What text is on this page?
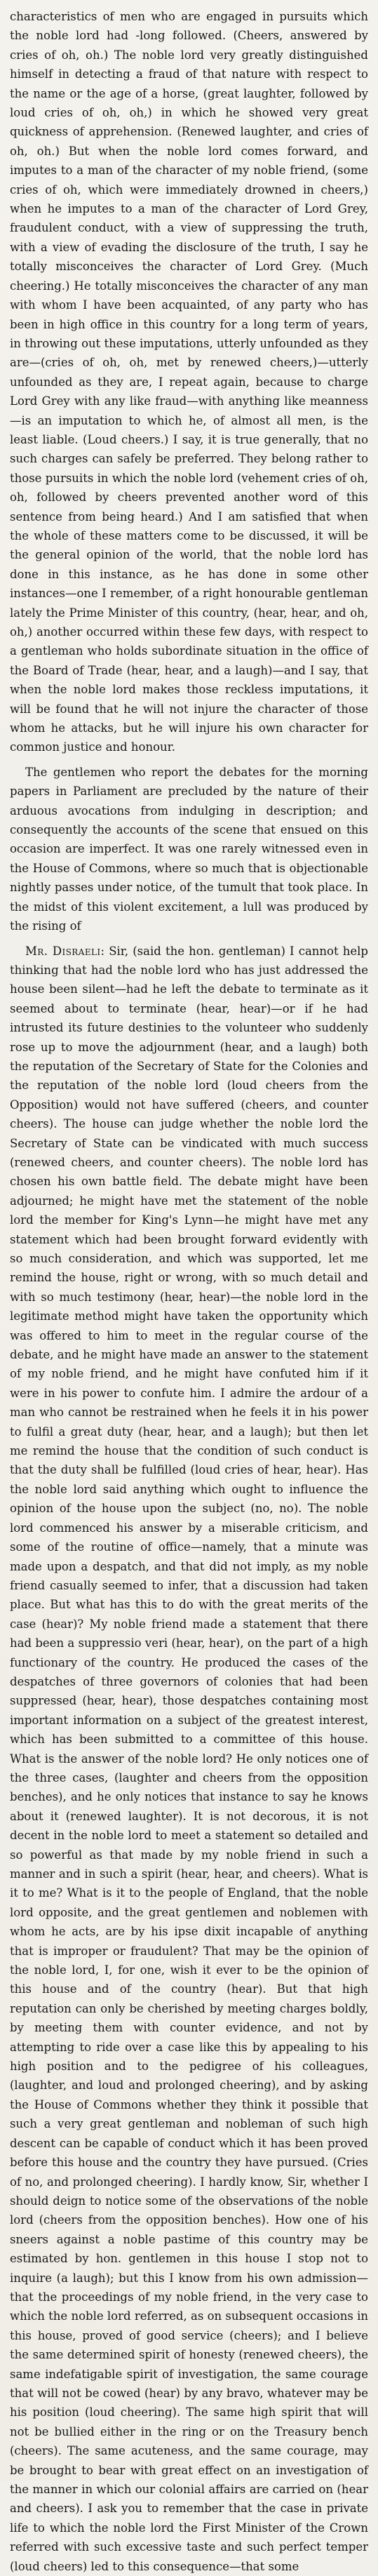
characteristics of men who are engaged in pursuits which the noble lord had -long followed. (Cheers, answered by cries of oh, oh.) The noble lord very greatly distinguished himself in detecting a fraud of that nature with respect to the name or the age of a horse, (great laughter, followed by loud cries of oh, oh,) in which he showed very great quickness of apprehension. (Renewed laughter, and cries of oh, oh.) But when the noble lord comes forward, and imputes to a man of the character of my noble friend, (some cries of oh, which were immediately drowned in cheers,) when he imputes to a man of the character of Lord Grey, fraudulent conduct, with a view of suppressing the truth, with a view of evading the disclosure of the truth, I say he totally misconceives the character of Lord Grey. (Much cheering.) He totally misconceives the character of any man with whom I have been acquainted, of any party who has been in high office in this country for a long term of years, in throwing out these imputations, utterly unfounded as they are—(cries of oh, oh, met by renewed cheers,)—utterly unfounded as they are, I repeat again, because to charge Lord Grey with any like fraud—with anything like meanness—is an imputation to which he, of almost all men, is the least liable. (Loud cheers.) I say, it is true generally, that no such charges can safely be preferred. They belong rather to those pursuits in which the noble lord (vehement cries of oh, oh, followed by cheers prevented another word of this sentence from being heard.) And I am satisfied that when the whole of these matters come to be discussed, it will be the general opinion of the world, that the noble lord has done in this instance, as he has done in some other instances—one I remember, of a right honourable gentleman lately the Prime Minister of this country, (hear, hear, and oh, oh,) another occurred within these few days, with respect to a gentleman who holds subordinate situation in the office of the Board of Trade (hear, hear, and a laugh)—and I say, that when the noble lord makes those reckless imputations, it will be found that he will not injure the character of those whom he attacks, but he will injure his own character for common justice and honour.

The gentlemen who report the debates for the morning papers in Parliament are precluded by the nature of their arduous avocations from indulging in description; and consequently the accounts of the scene that ensued on this occasion are imperfect. It was one rarely witnessed even in the House of Commons, where so much that is objectionable nightly passes under notice, of the tumult that took place. In the midst of this violent excitement, a lull was produced by the rising of

Mr. Disraeli: Sir, (said the hon. gentleman) I cannot help thinking that had the noble lord who has just addressed the house been silent—had he left the debate to terminate as it seemed about to terminate (hear, hear)—or if he had intrusted its future destinies to the volunteer who suddenly rose up to move the adjournment (hear, and a laugh) both the reputation of the Secretary of State for the Colonies and the reputation of the noble lord (loud cheers from the Opposition) would not have suffered (cheers, and counter cheers). The house can judge whether the noble lord the Secretary of State can be vindicated with much success (renewed cheers, and counter cheers). The noble lord has chosen his own battle field. The debate might have been adjourned; he might have met the statement of the noble lord the member for King's Lynn—he might have met any statement which had been brought forward evidently with so much consideration, and which was supported, let me remind the house, right or wrong, with so much detail and with so much testimony (hear, hear)—the noble lord in the legitimate method might have taken the opportunity which was offered to him to meet in the regular course of the debate, and he might have made an answer to the statement of my noble friend, and he might have confuted him if it were in his power to confute him. I admire the ardour of a man who cannot be restrained when he feels it in his power to fulfil a great duty (hear, hear, and a laugh); but then let me remind the house that the condition of such conduct is that the duty shall be fulfilled (loud cries of hear, hear). Has the noble lord said anything which ought to influence the opinion of the house upon the subject (no, no). The noble lord commenced his answer by a miserable criticism, and some of the routine of office—namely, that a minute was made upon a despatch, and that did not imply, as my noble friend casually seemed to infer, that a discussion had taken place. But what has this to do with the great merits of the case (hear)? My noble friend made a statement that there had been a suppressio veri (hear, hear), on the part of a high functionary of the country. He produced the cases of the despatches of three governors of colonies that had been suppressed (hear, hear), those despatches containing most important information on a subject of the greatest interest, which has been submitted to a committee of this house. What is the answer of the noble lord? He only notices one of the three cases, (laughter and cheers from the opposition benches), and he only notices that instance to say he knows about it (renewed laughter). It is not decorous, it is not decent in the noble lord to meet a statement so detailed and so powerful as that made by my noble friend in such a manner and in such a spirit (hear, hear, and cheers). What is it to me? What is it to the people of England, that the noble lord opposite, and the great gentlemen and noblemen with whom he acts, are by his ipse dixit incapable of anything that is improper or fraudulent? That may be the opinion of the noble lord, I, for one, wish it ever to be the opinion of this house and of the country (hear). But that high reputation can only be cherished by meeting charges boldly, by meeting them with counter evidence, and not by attempting to ride over a case like this by appealing to his high position and to the pedigree of his colleagues, (laughter, and loud and prolonged cheering), and by asking the House of Commons whether they think it possible that such a very great gentleman and nobleman of such high descent can be capable of conduct which it has been proved before this house and the country they have pursued. (Cries of no, and prolonged cheering). I hardly know, Sir, whether I should deign to notice some of the observations of the noble lord (cheers from the opposition benches). How one of his sneers against a noble pastime of this country may be estimated by hon. gentlemen in this house I stop not to inquire (a laugh); but this I know from his own admission—that the proceedings of my noble friend, in the very case to which the noble lord referred, as on subsequent occasions in this house, proved of good service (cheers); and I believe the same determined spirit of honesty (renewed cheers), the same indefatigable spirit of investigation, the same courage that will not be cowed (hear) by any bravo, whatever may be his position (loud cheering). The same high spirit that will not be bullied either in the ring or on the Treasury bench (cheers). The same acuteness, and the same courage, may be brought to bear with great effect on an investigation of the manner in which our colonial affairs are carried on (hear and cheers). I ask you to remember that the case in private life to which the noble lord the First Minister of the Crown referred with such excessive taste and such perfect temper (loud cheers) led to this consequence—that some
